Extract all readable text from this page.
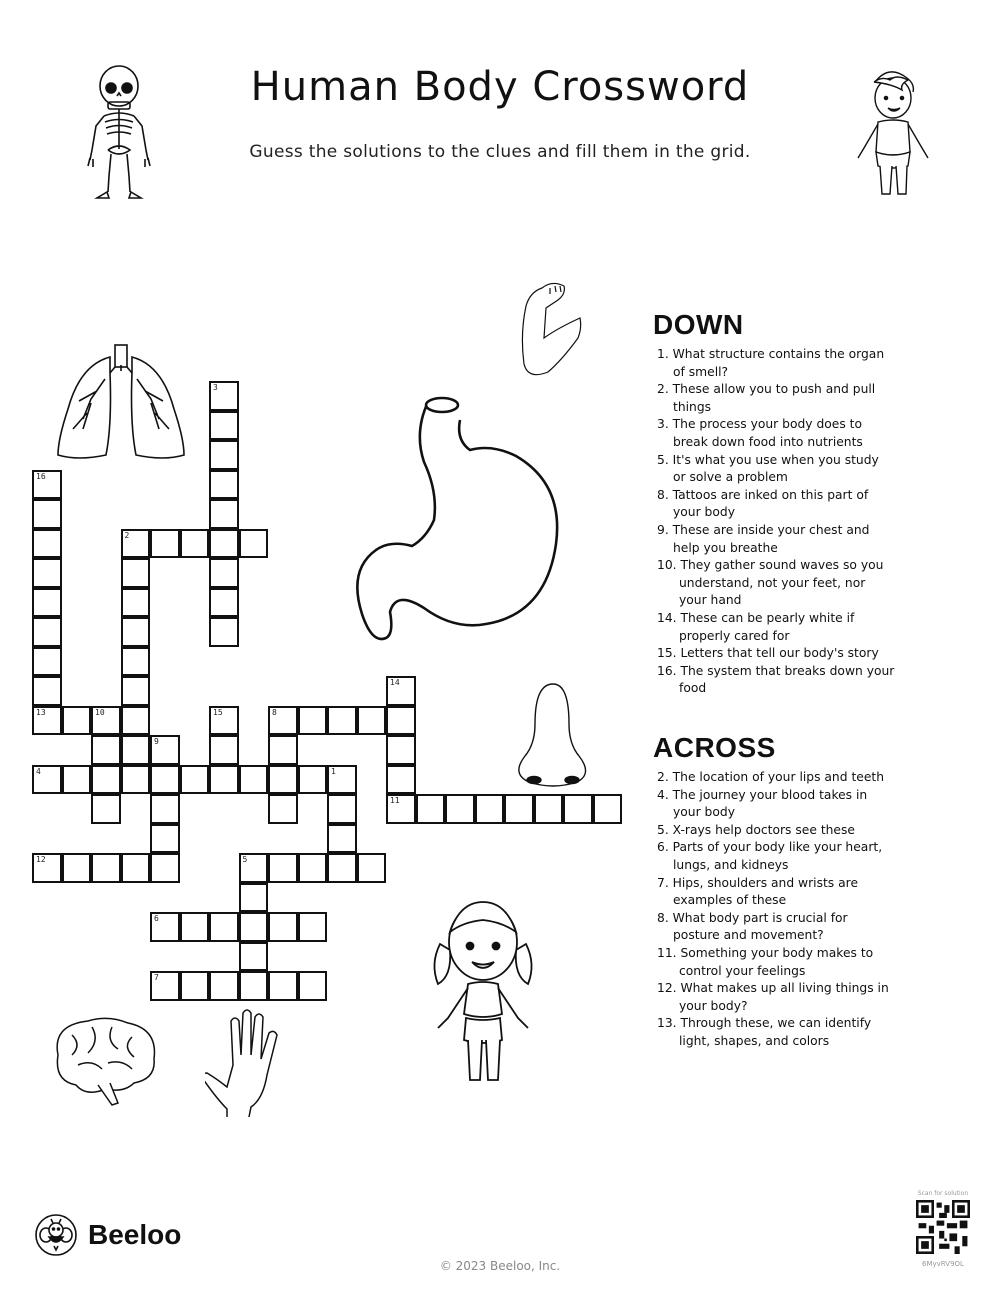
Human Body Crossword
Guess the solutions to the clues and fill them in the grid.
16
13
3
2
14
11
10	15	8
9
4	1
12	5
6
7
DOWN

1. What structure contains the organ of smell?

2. These allow you to push and pull things

3. The process your body does to break down food into nutrients

5. It's what you use when you study or solve a problem

8. Tattoos are inked on this part of your body

9. These are inside your chest and help you breathe

10. They gather sound waves so you understand, not your feet, nor your hand

14. These can be pearly white if properly cared for

15. Letters that tell our body's story

16. The system that breaks down your food

ACROSS

2. The location of your lips and teeth

4. The journey your blood takes in your body

5. X-rays help doctors see these

6. Parts of your body like your heart, lungs, and kidneys

7. Hips, shoulders and wrists are examples of these

8. What body part is crucial for posture and movement?

11. Something your body makes to control your feelings

12. What makes up all living things in your body?

13. Through these, we can identify light, shapes, and colors

Beeloo
© 2023 Beeloo, Inc.
Scan for solution
6MyvRV9OL
